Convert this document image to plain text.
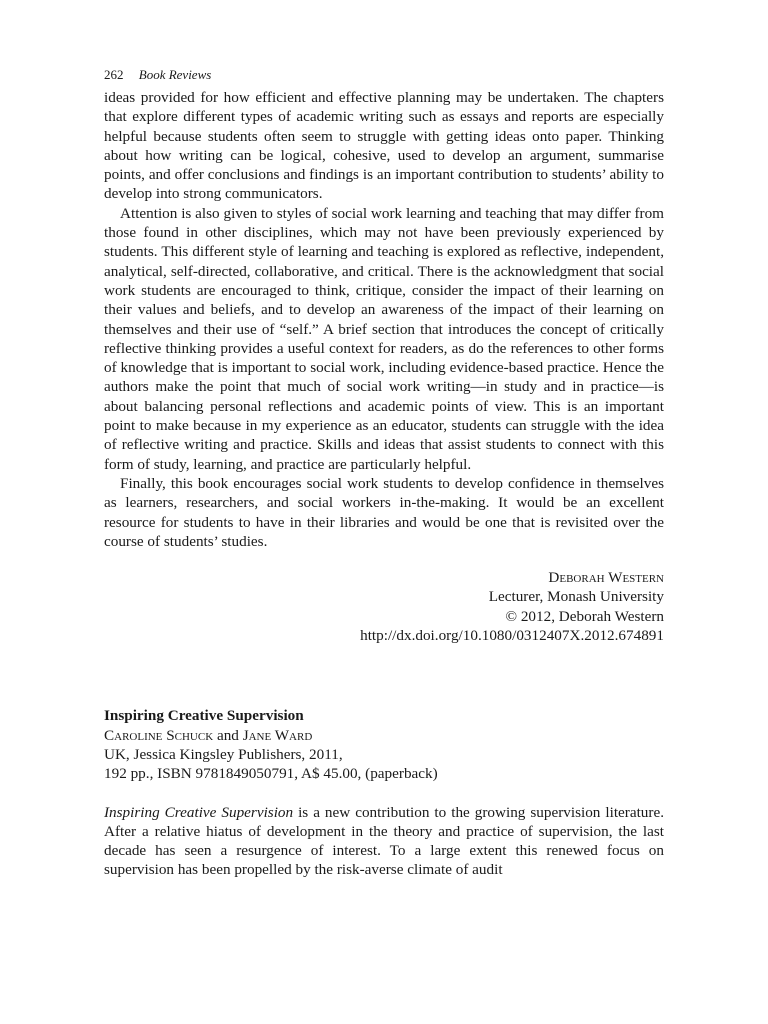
262 Book Reviews

ideas provided for how efficient and effective planning may be undertaken. The chapters that explore different types of academic writing such as essays and reports are especially helpful because students often seem to struggle with getting ideas onto paper. Thinking about how writing can be logical, cohesive, used to develop an argument, summarise points, and offer conclusions and findings is an important contribution to students’ ability to develop into strong communicators.

Attention is also given to styles of social work learning and teaching that may differ from those found in other disciplines, which may not have been previously experienced by students. This different style of learning and teaching is explored as reflective, independent, analytical, self-directed, collaborative, and critical. There is the acknowledgment that social work students are encouraged to think, critique, consider the impact of their learning on their values and beliefs, and to develop an awareness of the impact of their learning on themselves and their use of “self.” A brief section that introduces the concept of critically reflective thinking provides a useful context for readers, as do the references to other forms of knowledge that is important to social work, including evidence-based practice. Hence the authors make the point that much of social work writing—in study and in practice—is about balancing personal reflections and academic points of view. This is an important point to make because in my experience as an educator, students can struggle with the idea of reflective writing and practice. Skills and ideas that assist students to connect with this form of study, learning, and practice are particularly helpful.

Finally, this book encourages social work students to develop confidence in themselves as learners, researchers, and social workers in-the-making. It would be an excellent resource for students to have in their libraries and would be one that is revisited over the course of students’ studies.

Deborah Western
Lecturer, Monash University
© 2012, Deborah Western
http://dx.doi.org/10.1080/0312407X.2012.674891
Inspiring Creative Supervision
Caroline Schuck and Jane Ward
UK, Jessica Kingsley Publishers, 2011,
192 pp., ISBN 9781849050791, A$ 45.00, (paperback)

Inspiring Creative Supervision is a new contribution to the growing supervision literature. After a relative hiatus of development in the theory and practice of supervision, the last decade has seen a resurgence of interest. To a large extent this renewed focus on supervision has been propelled by the risk-averse climate of audit
